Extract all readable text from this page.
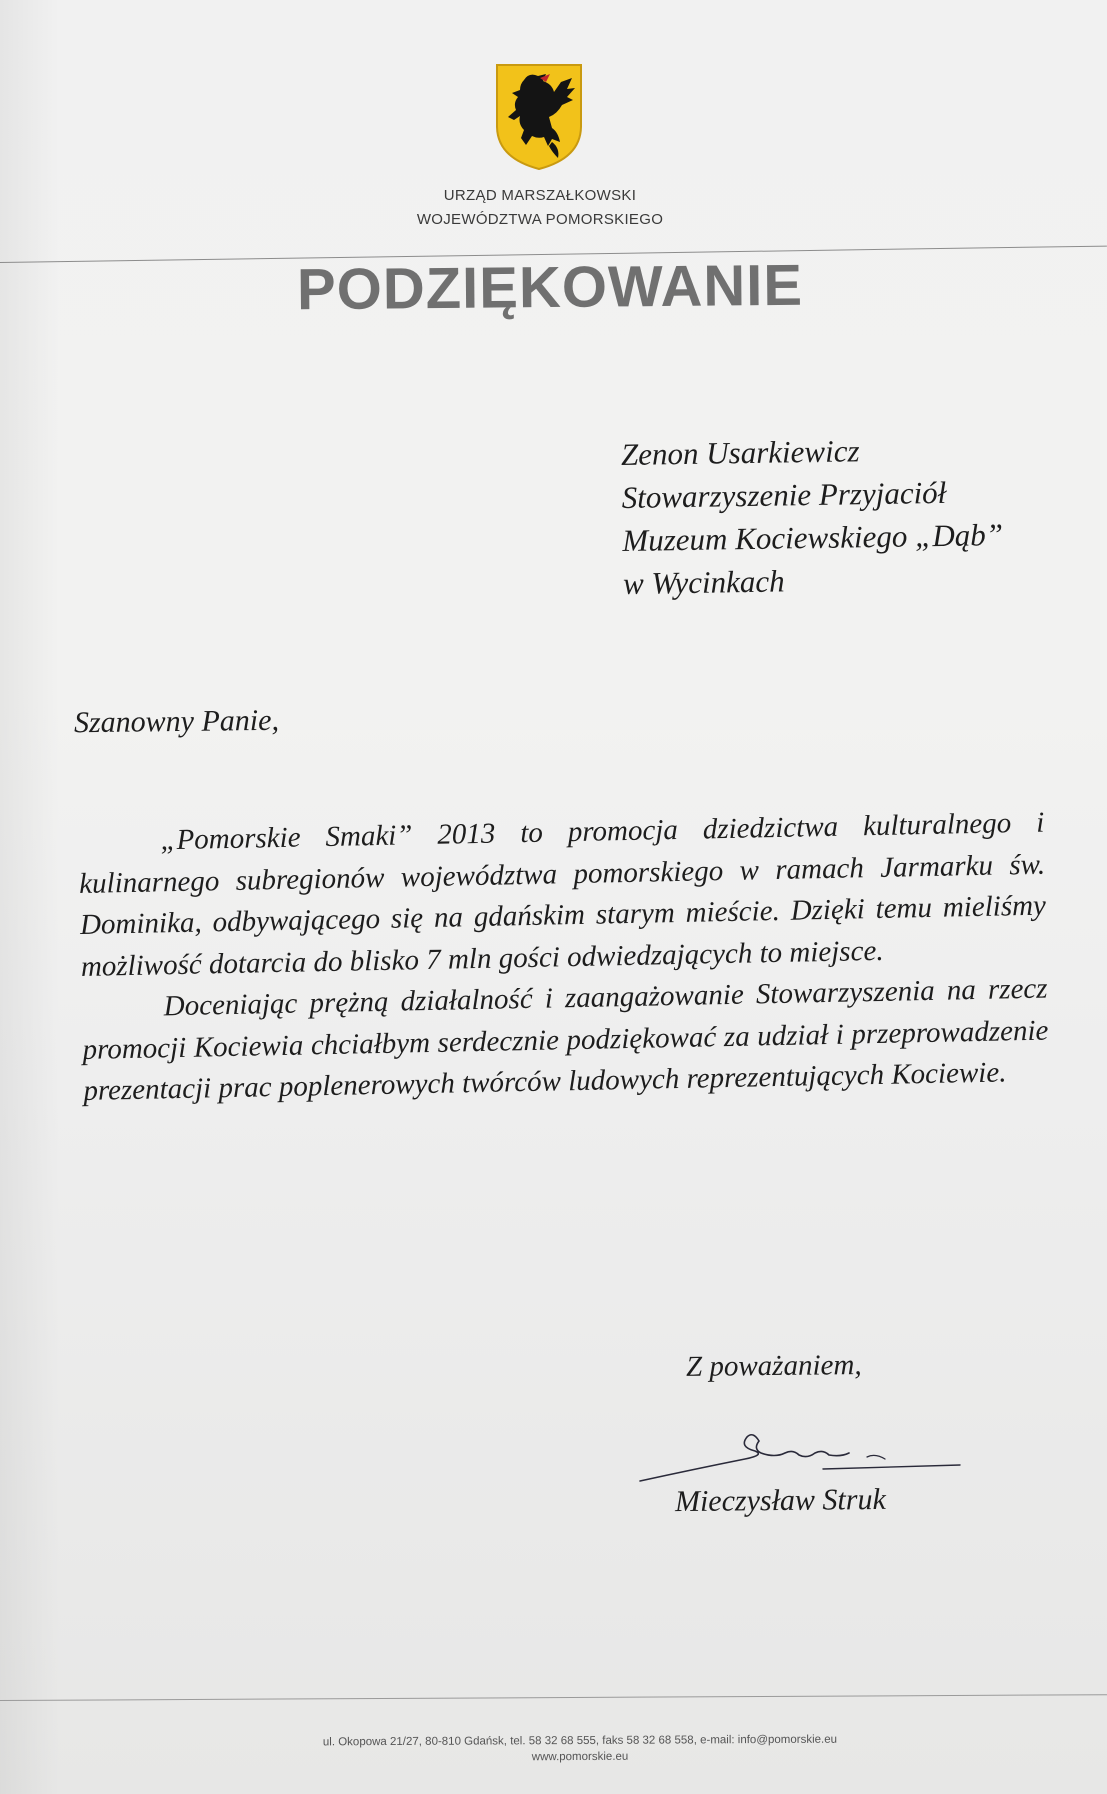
URZĄD MARSZAŁKOWSKI
WOJEWÓDZTWA POMORSKIEGO
PODZIĘKOWANIE
Zenon Usarkiewicz
Stowarzyszenie Przyjaciół
Muzeum Kociewskiego „Dąb”
w Wycinkach
Szanowny Panie,

„Pomorskie Smaki” 2013 to promocja dziedzictwa kulturalnego i kulinarnego subregionów województwa pomorskiego w ramach Jarmarku św. Dominika, odbywającego się na gdańskim starym mieście. Dzięki temu mieliśmy możliwość dotarcia do blisko 7 mln gości odwiedzających to miejsce.

Doceniając prężną działalność i zaangażowanie Stowarzyszenia na rzecz promocji Kociewia chciałbym serdecznie podziękować za udział i przeprowadzenie prezentacji prac poplenerowych twórców ludowych reprezentujących Kociewie.

Z poważaniem,
Mieczysław Struk
ul. Okopowa 21/27, 80-810 Gdańsk, tel. 58 32 68 555, faks 58 32 68 558, e-mail: info@pomorskie.eu
www.pomorskie.eu
